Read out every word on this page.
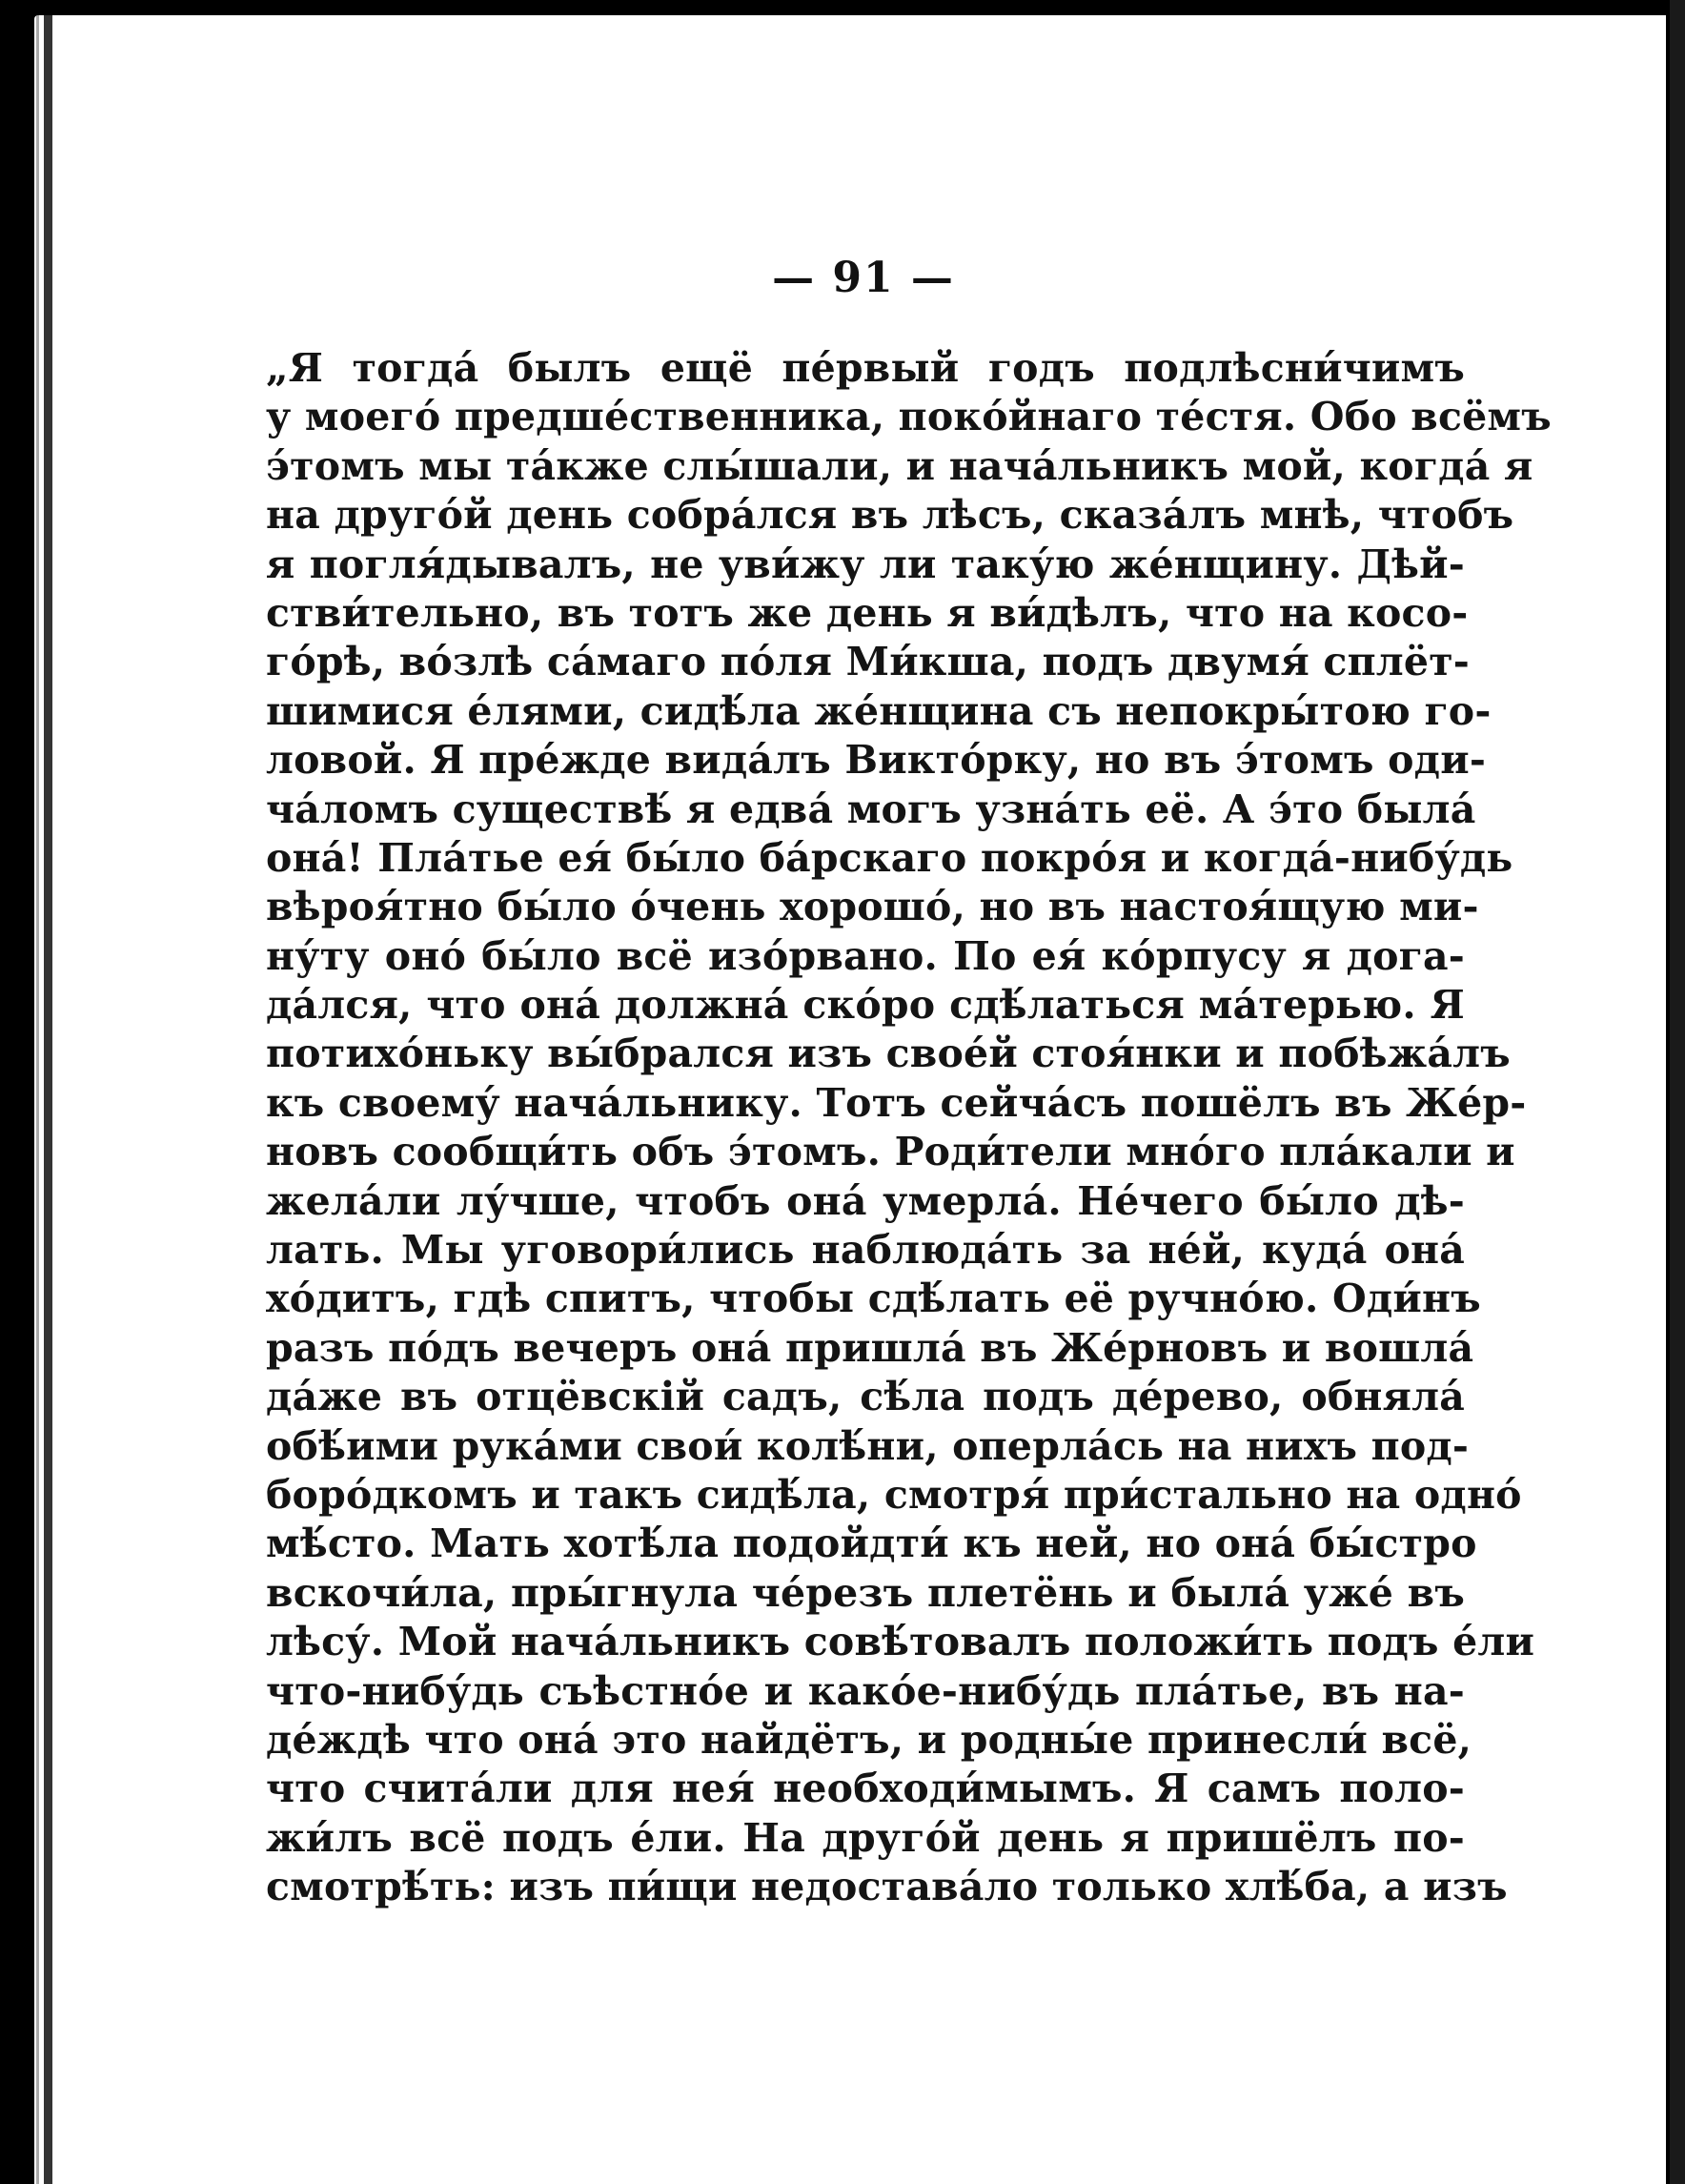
— 91 —
„Я тогда́ былъ ещё пе́рвый годъ подлѣсни́чимъ
у моего́ предше́ственника, поко́йнаго те́стя. Обо всёмъ
э́томъ мы та́кже слы́шали, и нача́льникъ мой, когда́ я
на друго́й день собра́лся въ лѣсъ, сказа́лъ мнѣ, чтобъ
я погля́дывалъ, не уви́жу ли таку́ю же́нщину. Дѣй-
стви́тельно, въ тотъ же день я ви́дѣлъ, что на косо-
го́рѣ, во́злѣ са́маго по́ля Ми́кша, подъ двумя́ сплёт-
шимися е́лями, сидѣ́ла же́нщина съ непокры́тою го-
ловой. Я пре́жде вида́лъ Викто́рку, но въ э́томъ оди-
ча́ломъ существѣ́ я едва́ могъ узна́ть её. А э́то была́
она́! Пла́тье ея́ бы́ло ба́рскаго покро́я и когда́-нибу́дь
вѣроя́тно бы́ло о́чень хорошо́, но въ настоя́щую ми-
ну́ту оно́ бы́ло всё изо́рвано. По ея́ ко́рпусу я дога-
да́лся, что она́ должна́ ско́ро сдѣ́латься ма́терью. Я
потихо́ньку вы́брался изъ свое́й стоя́нки и побѣжа́лъ
къ своему́ нача́льнику. Тотъ сейча́съ пошёлъ въ Же́р-
новъ сообщи́ть объ э́томъ. Роди́тели мно́го пла́кали и
жела́ли лу́чше, чтобъ она́ умерла́. Не́чего бы́ло дѣ-
лать. Мы уговори́лись наблюда́ть за не́й, куда́ она́
хо́дитъ, гдѣ спитъ, чтобы сдѣ́лать её ручно́ю. Оди́нъ
разъ по́дъ вечеръ она́ пришла́ въ Же́рновъ и вошла́
да́же въ отцёвскій садъ, сѣ́ла подъ де́рево, обняла́
обѣ́ими рука́ми свои́ колѣ́ни, оперла́сь на нихъ под-
боро́дкомъ и такъ сидѣ́ла, смотря́ при́стально на одно́
мѣ́сто. Мать хотѣ́ла подойдти́ къ ней, но она́ бы́стро
вскочи́ла, пры́гнула че́резъ плетёнь и была́ уже́ въ
лѣсу́. Мой нача́льникъ совѣ́товалъ положи́ть подъ е́ли
что-нибу́дь съѣстно́е и како́е-нибу́дь пла́тье, въ на-
де́ждѣ что она́ это найдётъ, и родны́е принесли́ всё,
что счита́ли для нея́ необходи́мымъ. Я самъ поло-
жи́лъ всё подъ е́ли. На друго́й день я пришёлъ по-
смотрѣ́ть: изъ пи́щи недостава́ло только хлѣ́ба, а изъ
